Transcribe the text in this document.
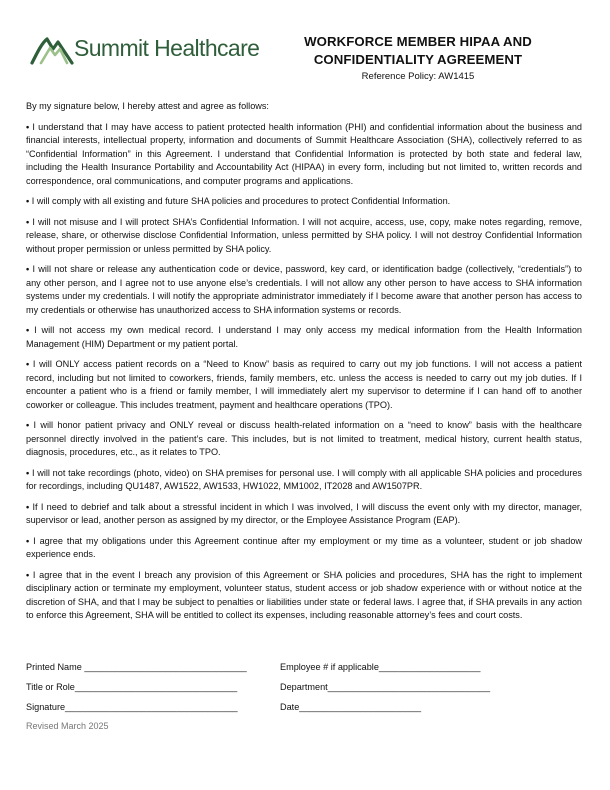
Summit Healthcare	WORKFORCE MEMBER HIPAA AND
CONFIDENTIALITY AGREEMENT
Reference Policy: AW1415

By my signature below, I hereby attest and agree as follows:

• I understand that I may have access to patient protected health information (PHI) and confidential information about the business and financial interests, intellectual property, information and documents of Summit Healthcare Association (SHA), collectively referred to as “Confidential Information” in this Agreement. I understand that Confidential Information is protected by both state and federal law, including the Health Insurance Portability and Accountability Act (HIPAA) in every form, including but not limited to, written records and correspondence, oral communications, and computer programs and applications.

• I will comply with all existing and future SHA policies and procedures to protect Confidential Information.

• I will not misuse and I will protect SHA’s Confidential Information. I will not acquire, access, use, copy, make notes regarding, remove, release, share, or otherwise disclose Confidential Information, unless permitted by SHA policy. I will not destroy Confidential Information without proper permission or unless permitted by SHA policy.

• I will not share or release any authentication code or device, password, key card, or identification badge (collectively, “credentials”) to any other person, and I agree not to use anyone else’s credentials. I will not allow any other person to have access to SHA information systems under my credentials. I will notify the appropriate administrator immediately if I become aware that another person has access to my credentials or otherwise has unauthorized access to SHA information systems or records.

• I will not access my own medical record. I understand I may only access my medical information from the Health Information Management (HIM) Department or my patient portal.

• I will ONLY access patient records on a “Need to Know” basis as required to carry out my job functions. I will not access a patient record, including but not limited to coworkers, friends, family members, etc. unless the access is needed to carry out my job duties. If I encounter a patient who is a friend or family member, I will immediately alert my supervisor to determine if I can hand off to another coworker or colleague. This includes treatment, payment and healthcare operations (TPO).

• I will honor patient privacy and ONLY reveal or discuss health-related information on a “need to know” basis with the healthcare personnel directly involved in the patient’s care. This includes, but is not limited to treatment, medical history, current health status, diagnosis, procedures, etc., as it relates to TPO.

• I will not take recordings (photo, video) on SHA premises for personal use. I will comply with all applicable SHA policies and procedures for recordings, including QU1487, AW1522, AW1533, HW1022, MM1002, IT2028 and AW1507PR.

• If I need to debrief and talk about a stressful incident in which I was involved, I will discuss the event only with my director, manager, supervisor or lead, another person as assigned by my director, or the Employee Assistance Program (EAP).

• I agree that my obligations under this Agreement continue after my employment or my time as a volunteer, student or job shadow experience ends.

• I agree that in the event I breach any provision of this Agreement or SHA policies and procedures, SHA has the right to implement disciplinary action or terminate my employment, volunteer status, student access or job shadow experience with or without notice at the discretion of SHA, and that I may be subject to penalties or liabilities under state or federal laws. I agree that, if SHA prevails in any action to enforce this Agreement, SHA will be entitled to collect its expenses, including reasonable attorney’s fees and court costs.

Printed Name ________________________________	Employee # if applicable____________________
Title or Role________________________________	Department________________________________
Signature__________________________________	Date________________________
Revised March 2025
